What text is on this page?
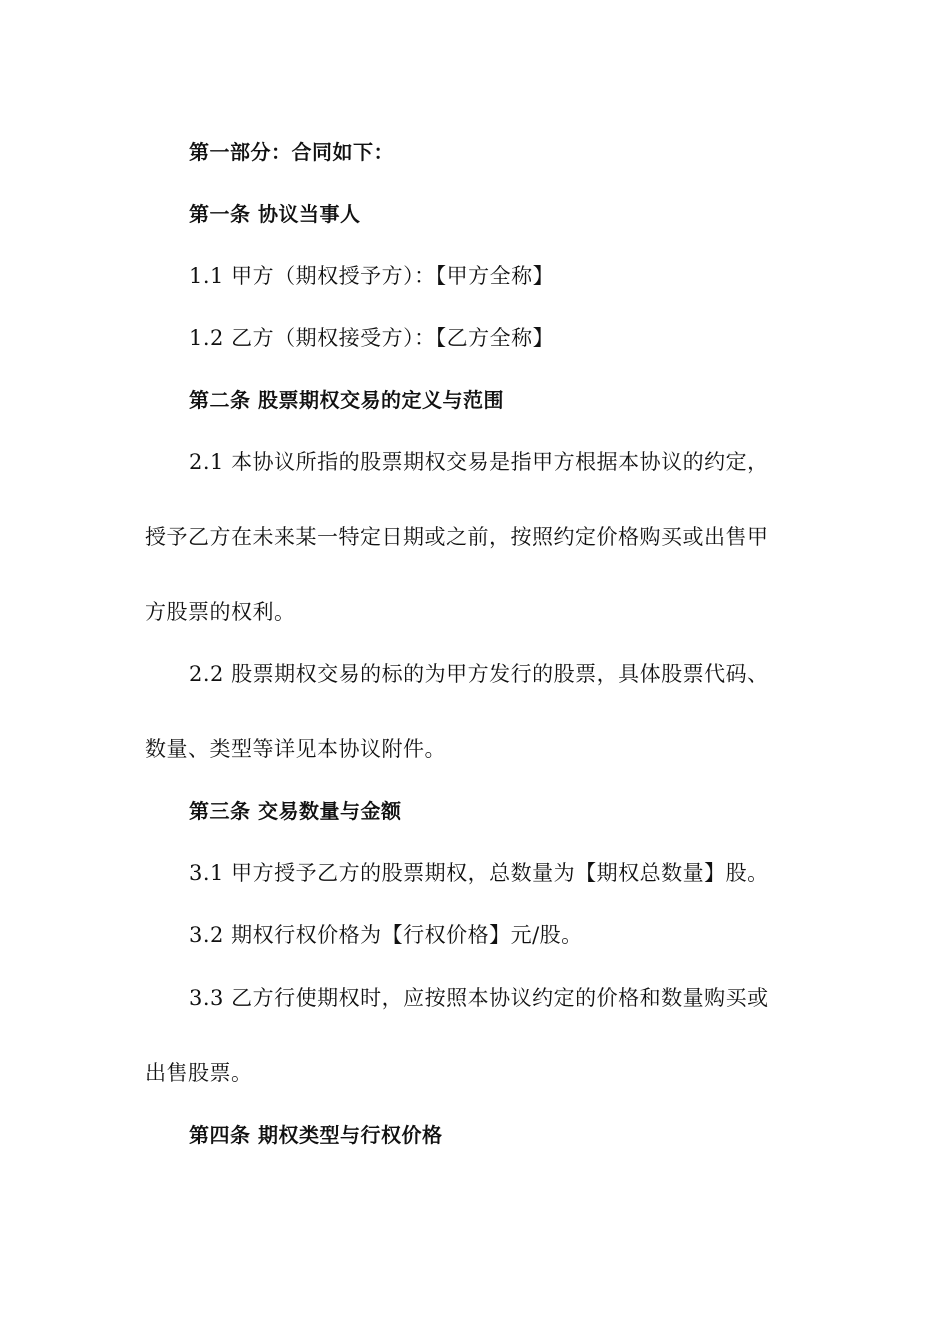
第一部分：合同如下：
第一条 协议当事人
1.1 甲方（期权授予方）：【甲方全称】
1.2 乙方（期权接受方）：【乙方全称】
第二条 股票期权交易的定义与范围
2.1 本协议所指的股票期权交易是指甲方根据本协议的约定，
授予乙方在未来某一特定日期或之前，按照约定价格购买或出售甲
方股票的权利。
2.2 股票期权交易的标的为甲方发行的股票，具体股票代码、
数量、类型等详见本协议附件。
第三条 交易数量与金额
3.1 甲方授予乙方的股票期权，总数量为【期权总数量】股。
3.2 期权行权价格为【行权价格】元/股。
3.3 乙方行使期权时，应按照本协议约定的价格和数量购买或
出售股票。
第四条 期权类型与行权价格
